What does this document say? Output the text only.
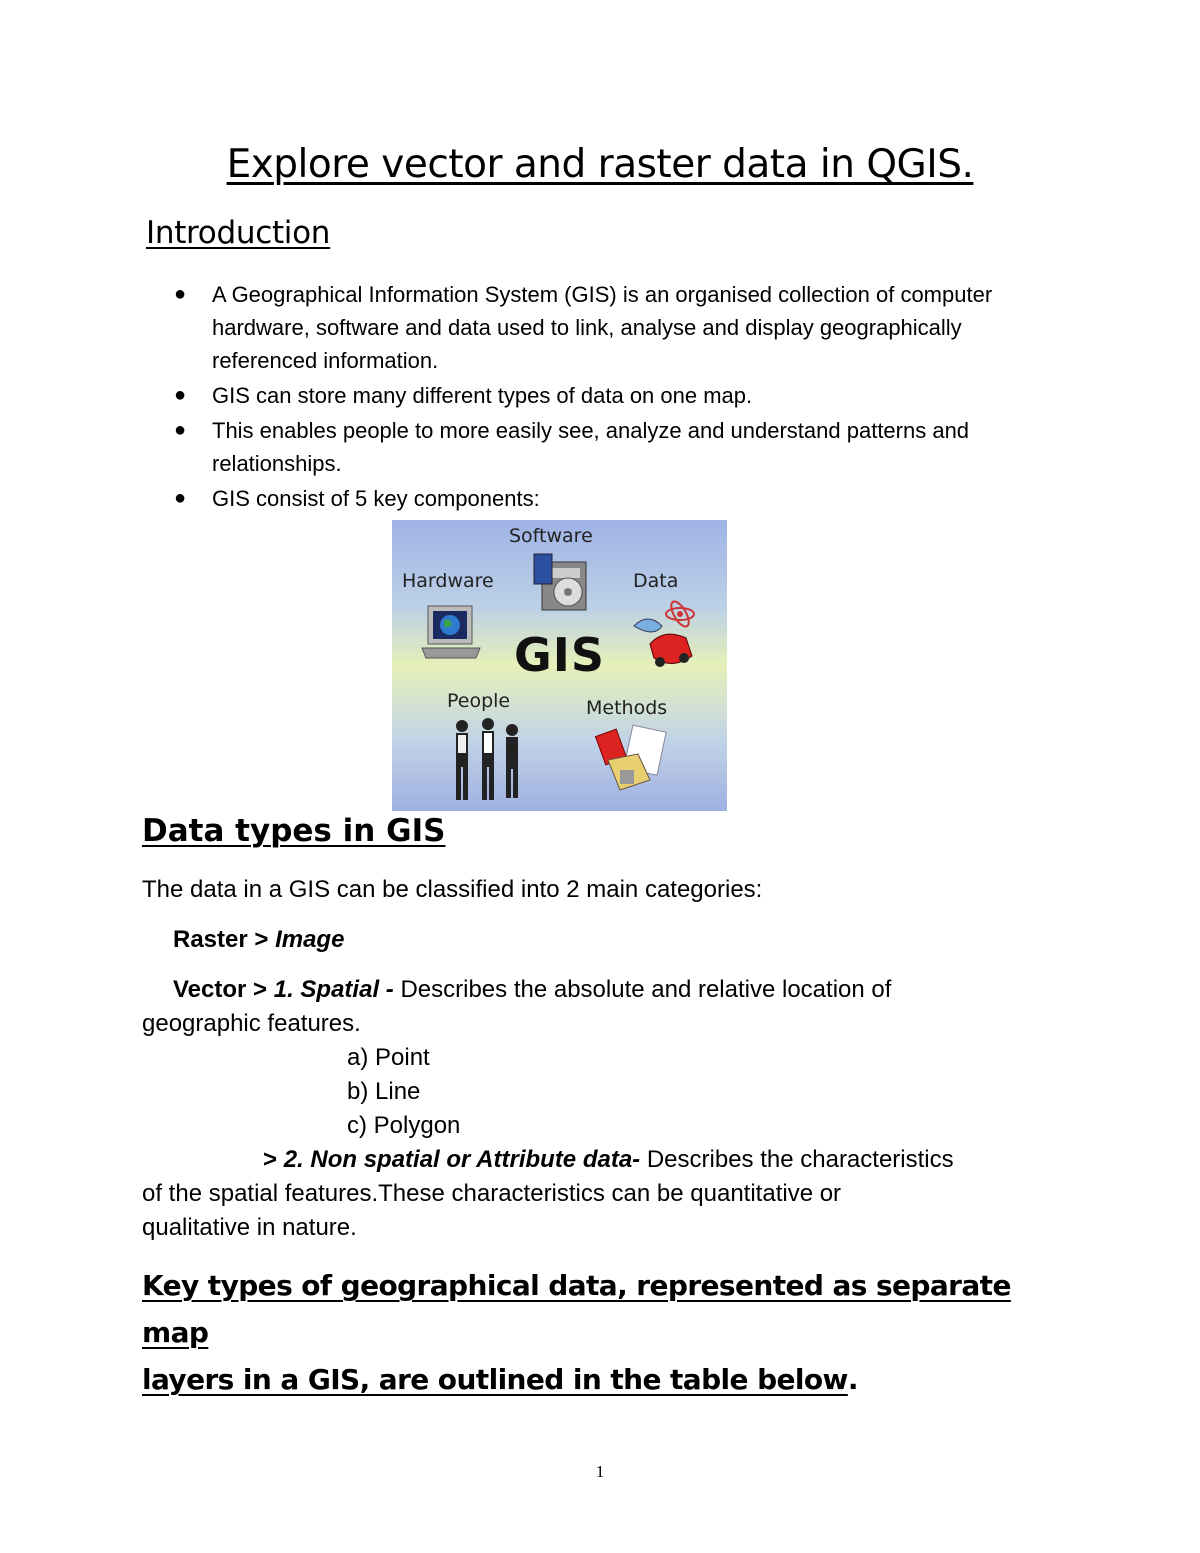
Explore vector and raster data in QGIS.
Introduction
● A Geographical Information System (GIS) is an organised collection of computer hardware, software and data used to link, analyse and display geographically referenced information.
● GIS can store many different types of data on one map.
● This enables people to more easily see, analyze and understand patterns and relationships.
● GIS consist of 5 key components:
Software
Hardware	Data
People	Methods
GIS
Data types in GIS
The data in a GIS can be classified into 2 main categories:
Raster > Image
Vector > 1. Spatial - Describes the absolute and relative location of
geographic features.
a) Point
b) Line
c) Polygon
> 2. Non spatial or Attribute data- Describes the characteristics
of the spatial features.These characteristics can be quantitative or
qualitative in nature.
Key types of geographical data, represented as separate map
layers in a GIS, are outlined in the table below.
1
